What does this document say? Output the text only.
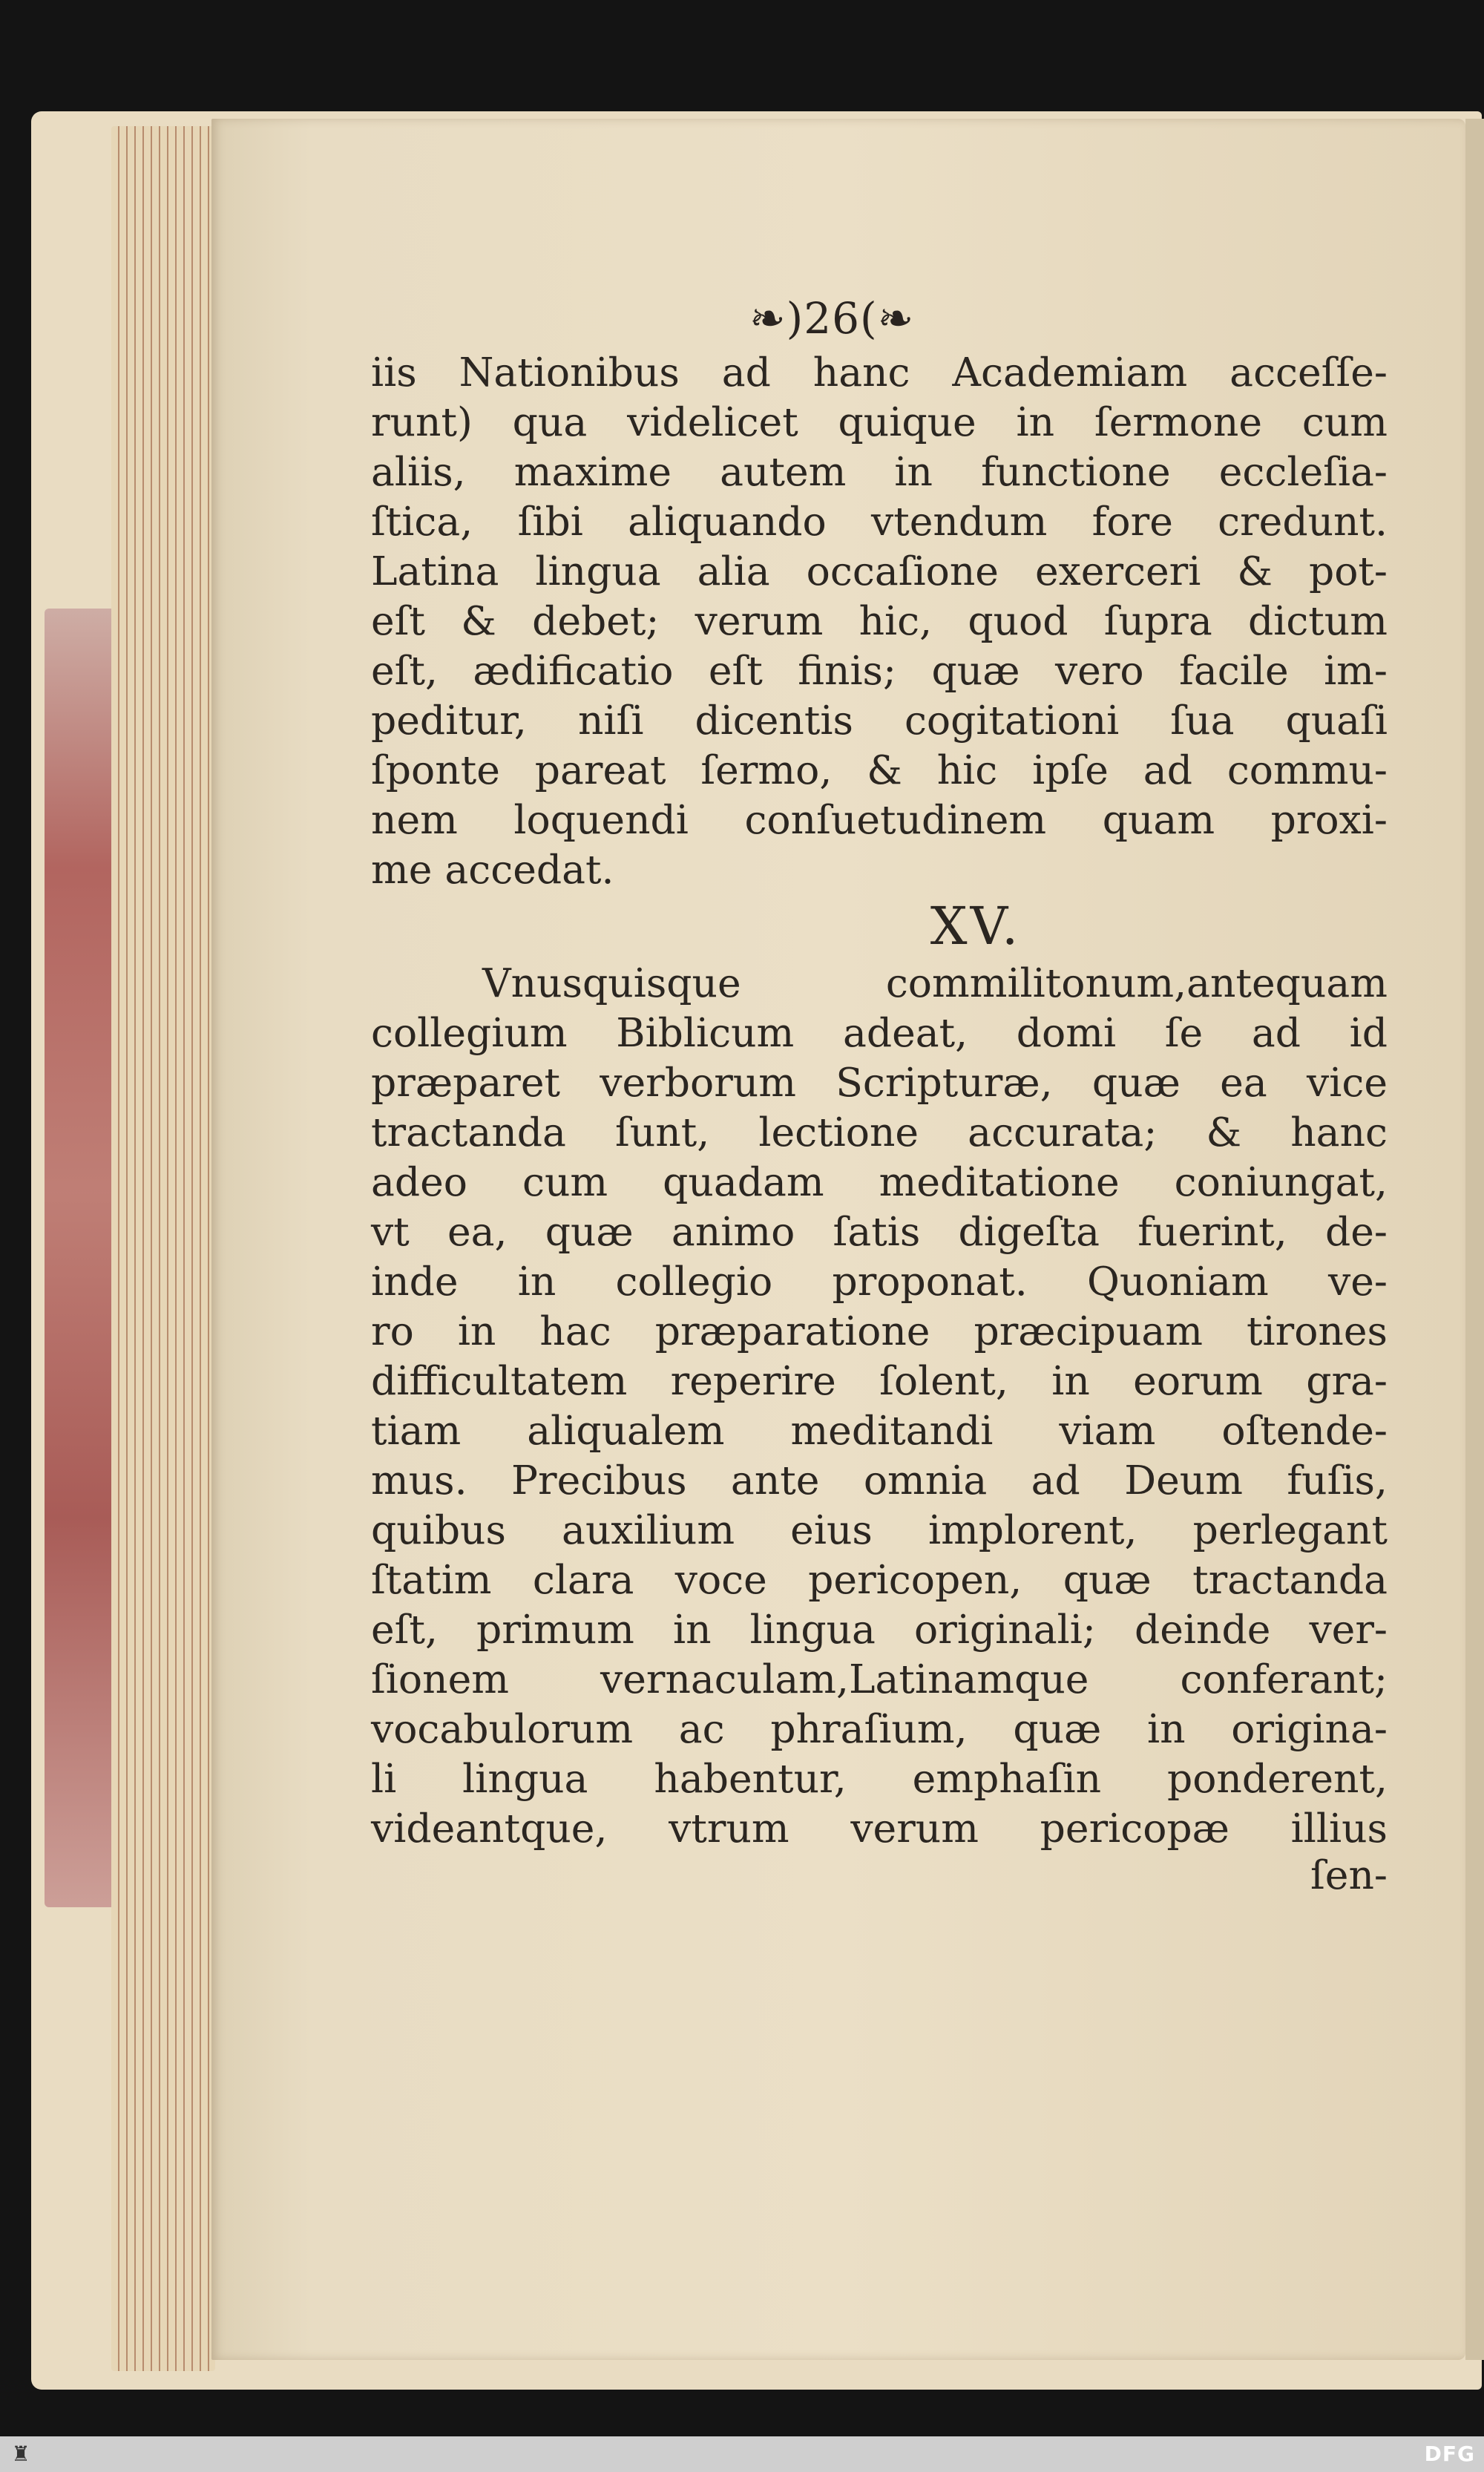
❧)26(❧
iis Nationibus ad hanc Academiam acceſſe-
runt) qua videlicet quique in ſermone cum
aliis, maxime autem in functione eccleſia-
ſtica, ſibi aliquando vtendum fore credunt.
Latina lingua alia occaſione exerceri & pot-
eſt & debet; verum hic, quod ſupra dictum
eſt, ædificatio eſt finis; quæ vero facile im-
peditur, niſi dicentis cogitationi ſua quaſi
ſponte pareat ſermo, & hic ipſe ad commu-
nem loquendi conſuetudinem quam proxi-
me accedat.
XV.
Vnusquisque commilitonum,antequam
collegium Biblicum adeat, domi ſe ad id
præparet verborum Scripturæ, quæ ea vice
tractanda ſunt, lectione accurata; & hanc
adeo cum quadam meditatione coniungat,
vt ea, quæ animo ſatis digeſta fuerint, de-
inde in collegio proponat. Quoniam ve-
ro in hac præparatione præcipuam tirones
difficultatem reperire ſolent, in eorum gra-
tiam aliqualem meditandi viam oſtende-
mus. Precibus ante omnia ad Deum fuſis,
quibus auxilium eius implorent, perlegant
ſtatim clara voce pericopen, quæ tractanda
eſt, primum in lingua originali; deinde ver-
ſionem vernaculam,Latinamque conferant;
vocabulorum ac phraſium, quæ in origina-
li lingua habentur, emphaſin ponderent,
videantque, vtrum verum pericopæ illius
ſen-
♜	DFG
